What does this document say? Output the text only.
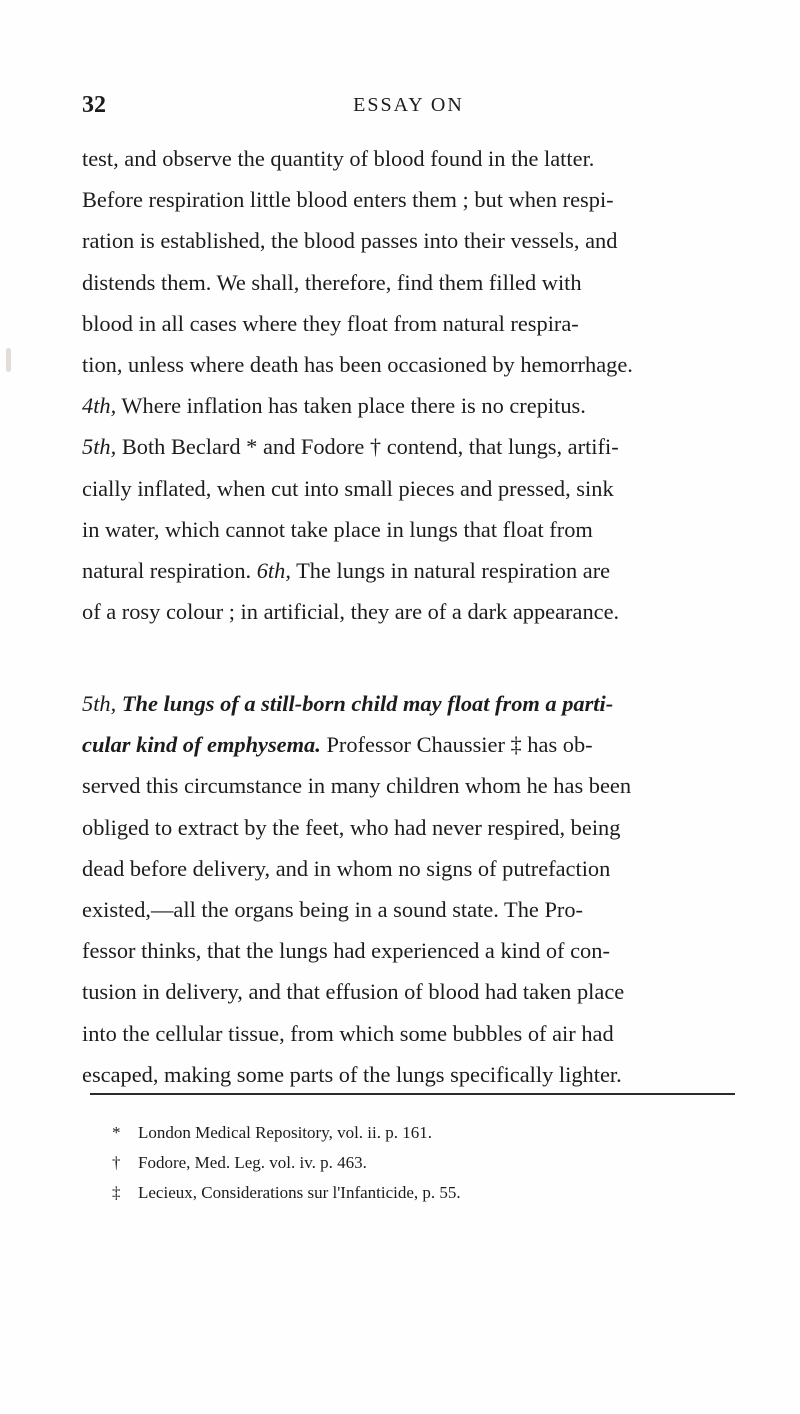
32	ESSAY ON
test, and observe the quantity of blood found in the latter.
Before respiration little blood enters them ; but when respi-
ration is established, the blood passes into their vessels, and
distends them. We shall, therefore, find them filled with
blood in all cases where they float from natural respira-
tion, unless where death has been occasioned by hemorrhage.
4th, Where inflation has taken place there is no crepitus.
5th, Both Beclard * and Fodore † contend, that lungs, artifi-
cially inflated, when cut into small pieces and pressed, sink
in water, which cannot take place in lungs that float from
natural respiration. 6th, The lungs in natural respiration are
of a rosy colour ; in artificial, they are of a dark appearance.
5th, The lungs of a still-born child may float from a parti-
cular kind of emphysema. Professor Chaussier ‡ has ob-
served this circumstance in many children whom he has been
obliged to extract by the feet, who had never respired, being
dead before delivery, and in whom no signs of putrefaction
existed,—all the organs being in a sound state. The Pro-
fessor thinks, that the lungs had experienced a kind of con-
tusion in delivery, and that effusion of blood had taken place
into the cellular tissue, from which some bubbles of air had
escaped, making some parts of the lungs specifically lighter.
* London Medical Repository, vol. ii. p. 161.
† Fodore, Med. Leg. vol. iv. p. 463.
‡ Lecieux, Considerations sur l'Infanticide, p. 55.
